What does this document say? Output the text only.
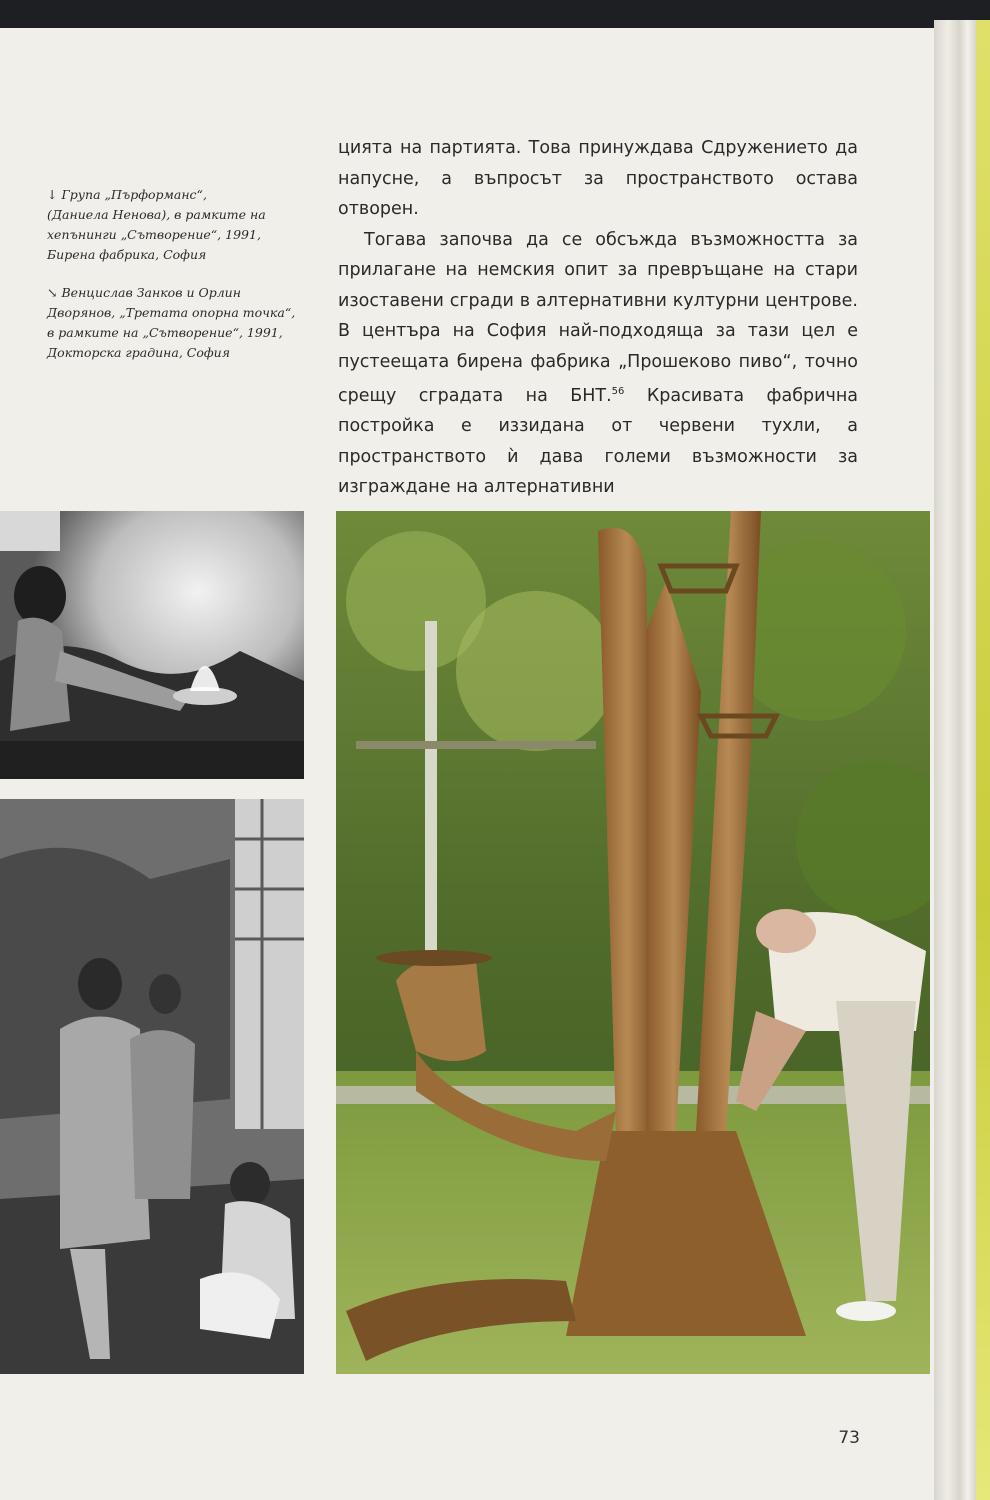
↓ Група „Пърформанс“,
(Даниела Ненова), в рамките на
хепънинги „Сътворение“, 1991,
Бирена фабрика, София

↘ Венцислав Занков и Орлин
Дворянов, „Третата опорна точка“,
в рамките на „Сътворение“, 1991,
Докторска градина, София

цията на партията. Това принуждава Сдружението да напусне, а въпросът за пространството остава отворен.

Тогава започва да се обсъжда възможността за прилагане на немския опит за превръщане на стари изоставени сгради в алтернативни културни центрове. В центъра на София най-подходяща за тази цел е пустеещата бирена фабрика „Прошеково пиво“, точно срещу сградата на БНТ.$^{56}$ Красивата фабрична постройка е иззидана от червени тухли, а пространството ѝ дава големи възможности за изграждане на алтернативни

73
